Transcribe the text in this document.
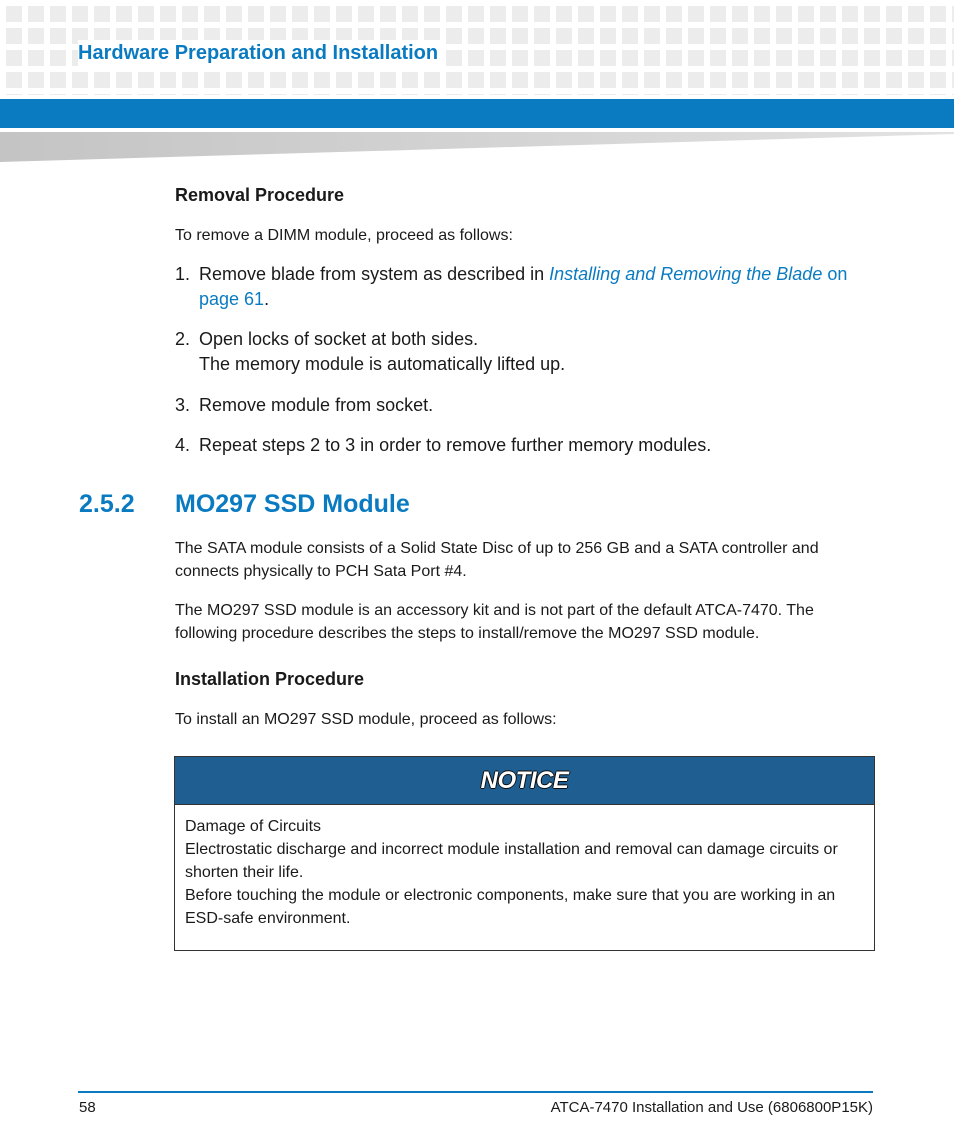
Hardware Preparation and Installation
Removal Procedure
To remove a DIMM module, proceed as follows:
1. Remove blade from system as described in Installing and Removing the Blade on page 61.
2. Open locks of socket at both sides.
The memory module is automatically lifted up.
3. Remove module from socket.
4. Repeat steps 2 to 3 in order to remove further memory modules.
2.5.2 MO297 SSD Module
The SATA module consists of a Solid State Disc of up to 256 GB and a SATA controller and connects physically to PCH Sata Port #4.
The MO297 SSD module is an accessory kit and is not part of the default ATCA-7470. The following procedure describes the steps to install/remove the MO297 SSD module.
Installation Procedure
To install an MO297 SSD module, proceed as follows:
NOTICE
Damage of Circuits
Electrostatic discharge and incorrect module installation and removal can damage circuits or shorten their life.
Before touching the module or electronic components, make sure that you are working in an ESD-safe environment.
58	ATCA-7470 Installation and Use (6806800P15K)
